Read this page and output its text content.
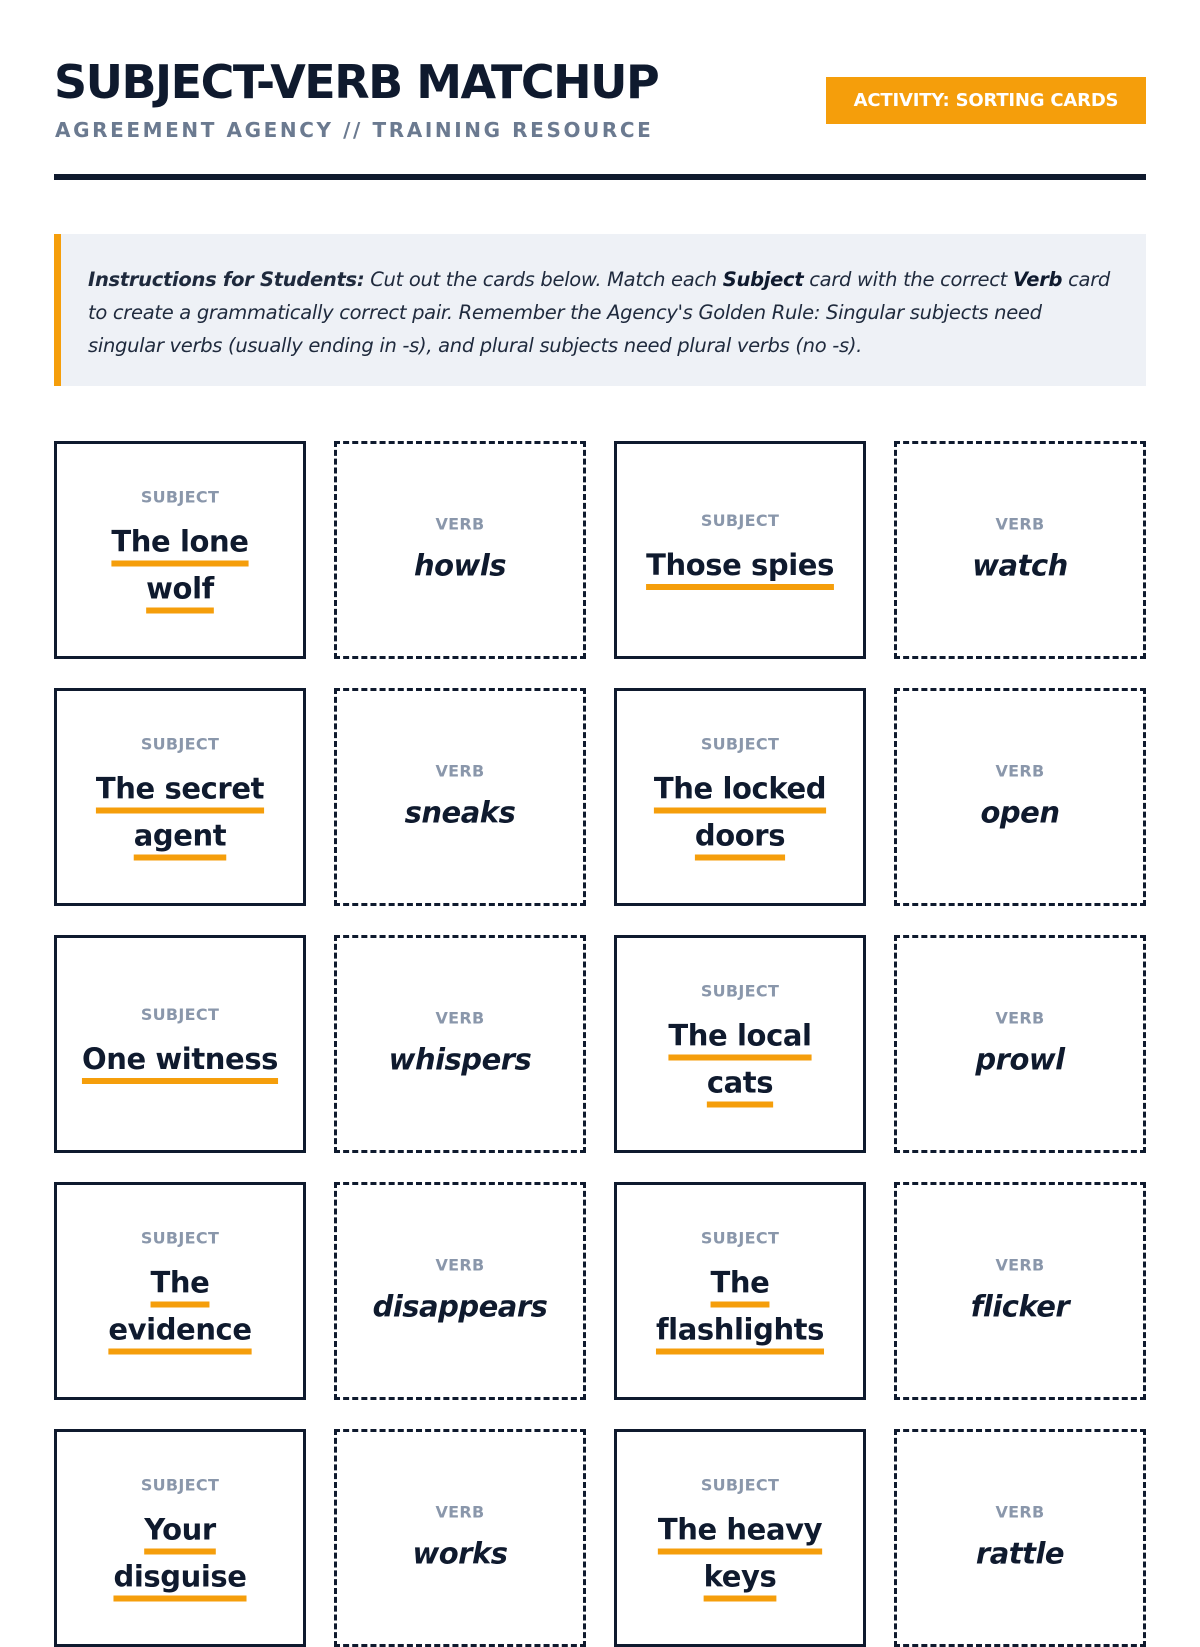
SUBJECT-VERB MATCHUP
AGREEMENT AGENCY // TRAINING RESOURCE
ACTIVITY: SORTING CARDS
Instructions for Students: Cut out the cards below. Match each Subject card with the correct Verb card to create a grammatically correct pair. Remember the Agency's Golden Rule: Singular subjects need singular verbs (usually ending in -s), and plural subjects need plural verbs (no -s).
SUBJECT
The lone wolf
VERB
howls
SUBJECT
Those spies
VERB
watch
SUBJECT
The secret agent
VERB
sneaks
SUBJECT
The locked doors
VERB
open
SUBJECT
One witness
VERB
whispers
SUBJECT
The local cats
VERB
prowl
SUBJECT
The evidence
VERB
disappears
SUBJECT
The flashlights
VERB
flicker
SUBJECT
Your disguise
VERB
works
SUBJECT
The heavy keys
VERB
rattle
